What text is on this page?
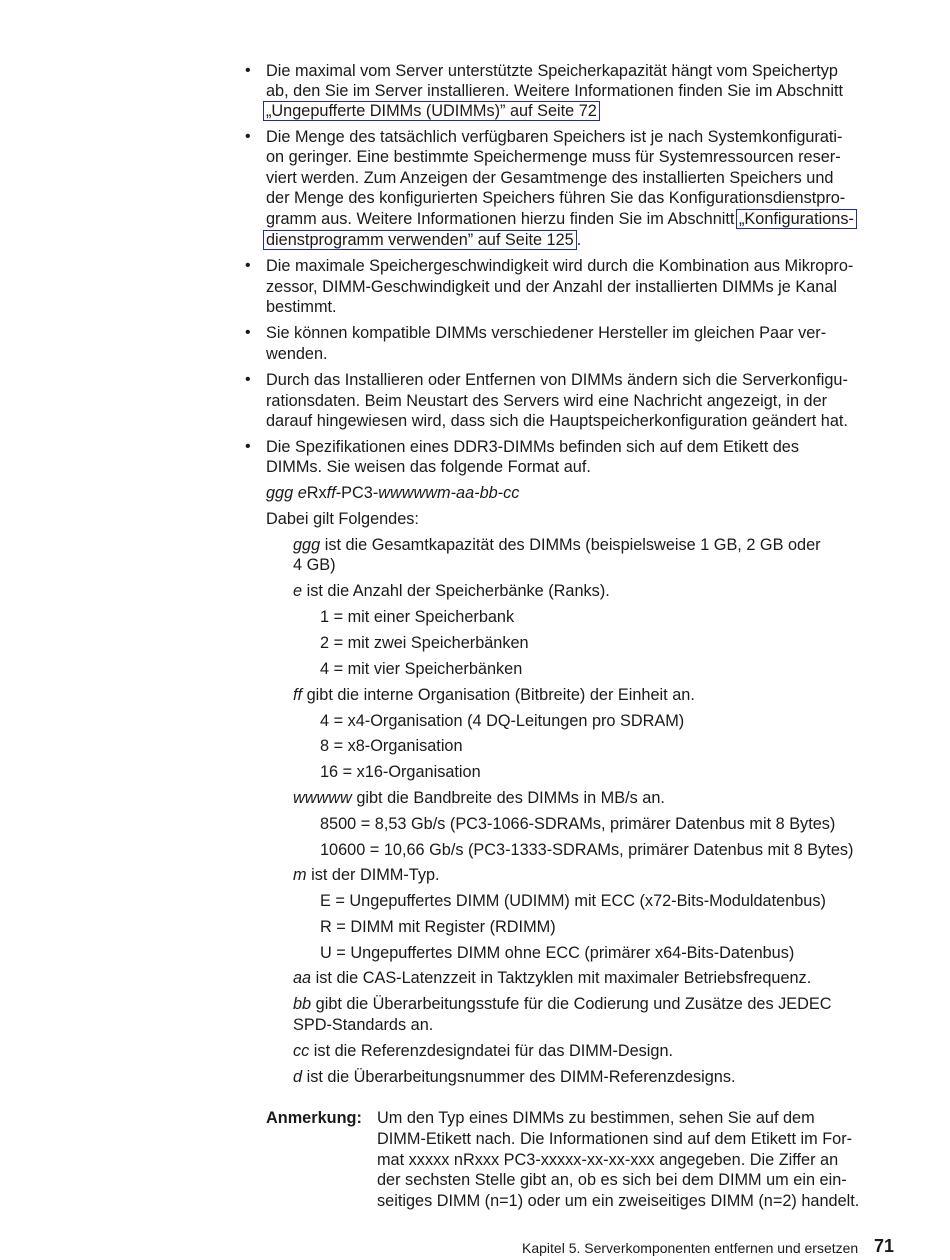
• Die maximal vom Server unterstützte Speicherkapazität hängt vom Speichertyp
ab, den Sie im Server installieren. Weitere Informationen finden Sie im Abschnitt
„Ungepufferte DIMMs (UDIMMs)” auf Seite 72
• Die Menge des tatsächlich verfügbaren Speichers ist je nach Systemkonfigurati-
on geringer. Eine bestimmte Speichermenge muss für Systemressourcen reser-
viert werden. Zum Anzeigen der Gesamtmenge des installierten Speichers und
der Menge des konfigurierten Speichers führen Sie das Konfigurationsdienstpro-
gramm aus. Weitere Informationen hierzu finden Sie im Abschnitt „Konfigurations-
dienstprogramm verwenden” auf Seite 125 .
• Die maximale Speichergeschwindigkeit wird durch die Kombination aus Mikropro-
zessor, DIMM-Geschwindigkeit und der Anzahl der installierten DIMMs je Kanal
bestimmt.
• Sie können kompatible DIMMs verschiedener Hersteller im gleichen Paar ver-
wenden.
• Durch das Installieren oder Entfernen von DIMMs ändern sich die Serverkonfigu-
rationsdaten. Beim Neustart des Servers wird eine Nachricht angezeigt, in der
darauf hingewiesen wird, dass sich die Hauptspeicherkonfiguration geändert hat.
• Die Spezifikationen eines DDR3-DIMMs befinden sich auf dem Etikett des
DIMMs. Sie weisen das folgende Format auf.
ggg eRxff-PC3-wwwwwm-aa-bb-cc
Dabei gilt Folgendes:
ggg ist die Gesamtkapazität des DIMMs (beispielsweise 1 GB, 2 GB oder
4 GB)
e ist die Anzahl der Speicherbänke (Ranks).
1 = mit einer Speicherbank
2 = mit zwei Speicherbänken
4 = mit vier Speicherbänken
ff gibt die interne Organisation (Bitbreite) der Einheit an.
4 = x4-Organisation (4 DQ-Leitungen pro SDRAM)
8 = x8-Organisation
16 = x16-Organisation
wwwww gibt die Bandbreite des DIMMs in MB/s an.
8500 = 8,53 Gb/s (PC3-1066-SDRAMs, primärer Datenbus mit 8 Bytes)
10600 = 10,66 Gb/s (PC3-1333-SDRAMs, primärer Datenbus mit 8 Bytes)
m ist der DIMM-Typ.
E = Ungepuffertes DIMM (UDIMM) mit ECC (x72-Bits-Moduldatenbus)
R = DIMM mit Register (RDIMM)
U = Ungepuffertes DIMM ohne ECC (primärer x64-Bits-Datenbus)
aa ist die CAS-Latenzzeit in Taktzyklen mit maximaler Betriebsfrequenz.
bb gibt die Überarbeitungsstufe für die Codierung und Zusätze des JEDEC
SPD-Standards an.
cc ist die Referenzdesigndatei für das DIMM-Design.
d ist die Überarbeitungsnummer des DIMM-Referenzdesigns.
Anmerkung: Um den Typ eines DIMMs zu bestimmen, sehen Sie auf dem
DIMM-Etikett nach. Die Informationen sind auf dem Etikett im For-
mat xxxxx nRxxx PC3-xxxxx-xx-xx-xxx angegeben. Die Ziffer an
der sechsten Stelle gibt an, ob es sich bei dem DIMM um ein ein-
seitiges DIMM (n=1) oder um ein zweiseitiges DIMM (n=2) handelt.
Kapitel 5. Serverkomponenten entfernen und ersetzen 71
